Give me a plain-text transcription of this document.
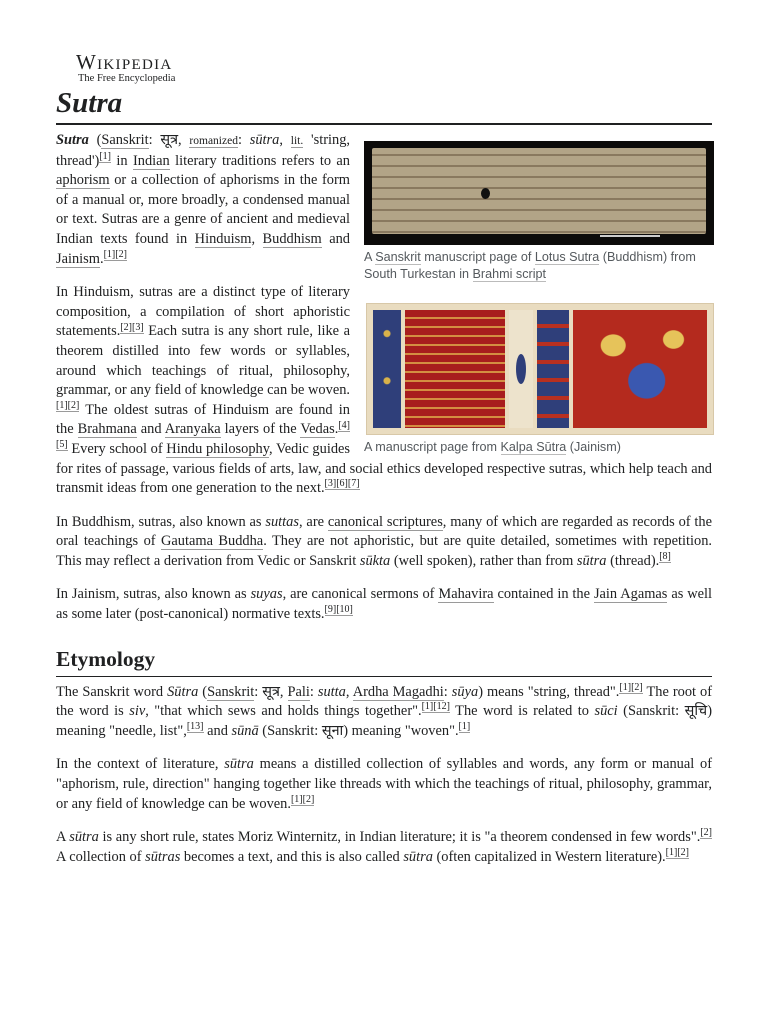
Wikipedia
The Free Encyclopedia
Sutra
A Sanskrit manuscript page of Lotus Sutra (Buddhism) from South Turkestan in Brahmi script
A manuscript page from Kalpa Sūtra (Jainism)

Sutra (Sanskrit: सूत्र, romanized: sūtra, lit. 'string, thread')[1] in Indian literary traditions refers to an aphorism or a collection of aphorisms in the form of a manual or, more broadly, a condensed manual or text. Sutras are a genre of ancient and medieval Indian texts found in Hinduism, Buddhism and Jainism.[1][2]

In Hinduism, sutras are a distinct type of literary composition, a compilation of short aphoristic statements.[2][3] Each sutra is any short rule, like a theorem distilled into few words or syllables, around which teachings of ritual, philosophy, grammar, or any field of knowledge can be woven.[1][2] The oldest sutras of Hinduism are found in the Brahmana and Aranyaka layers of the Vedas.[4][5] Every school of Hindu philosophy, Vedic guides for rites of passage, various fields of arts, law, and social ethics developed respective sutras, which help teach and transmit ideas from one generation to the next.[3][6][7]

In Buddhism, sutras, also known as suttas, are canonical scriptures, many of which are regarded as records of the oral teachings of Gautama Buddha. They are not aphoristic, but are quite detailed, sometimes with repetition. This may reflect a derivation from Vedic or Sanskrit sūkta (well spoken), rather than from sūtra (thread).[8]

In Jainism, sutras, also known as suyas, are canonical sermons of Mahavira contained in the Jain Agamas as well as some later (post-canonical) normative texts.[9][10]

Etymology

The Sanskrit word Sūtra (Sanskrit: सूत्र, Pali: sutta, Ardha Magadhi: sūya) means "string, thread".[1][2] The root of the word is siv, "that which sews and holds things together".[1][12] The word is related to sūci (Sanskrit: सूचि) meaning "needle, list",[13] and sūnā (Sanskrit: सूना) meaning "woven".[1]

In the context of literature, sūtra means a distilled collection of syllables and words, any form or manual of "aphorism, rule, direction" hanging together like threads with which the teachings of ritual, philosophy, grammar, or any field of knowledge can be woven.[1][2]

A sūtra is any short rule, states Moriz Winternitz, in Indian literature; it is "a theorem condensed in few words".[2] A collection of sūtras becomes a text, and this is also called sūtra (often capitalized in Western literature).[1][2]
